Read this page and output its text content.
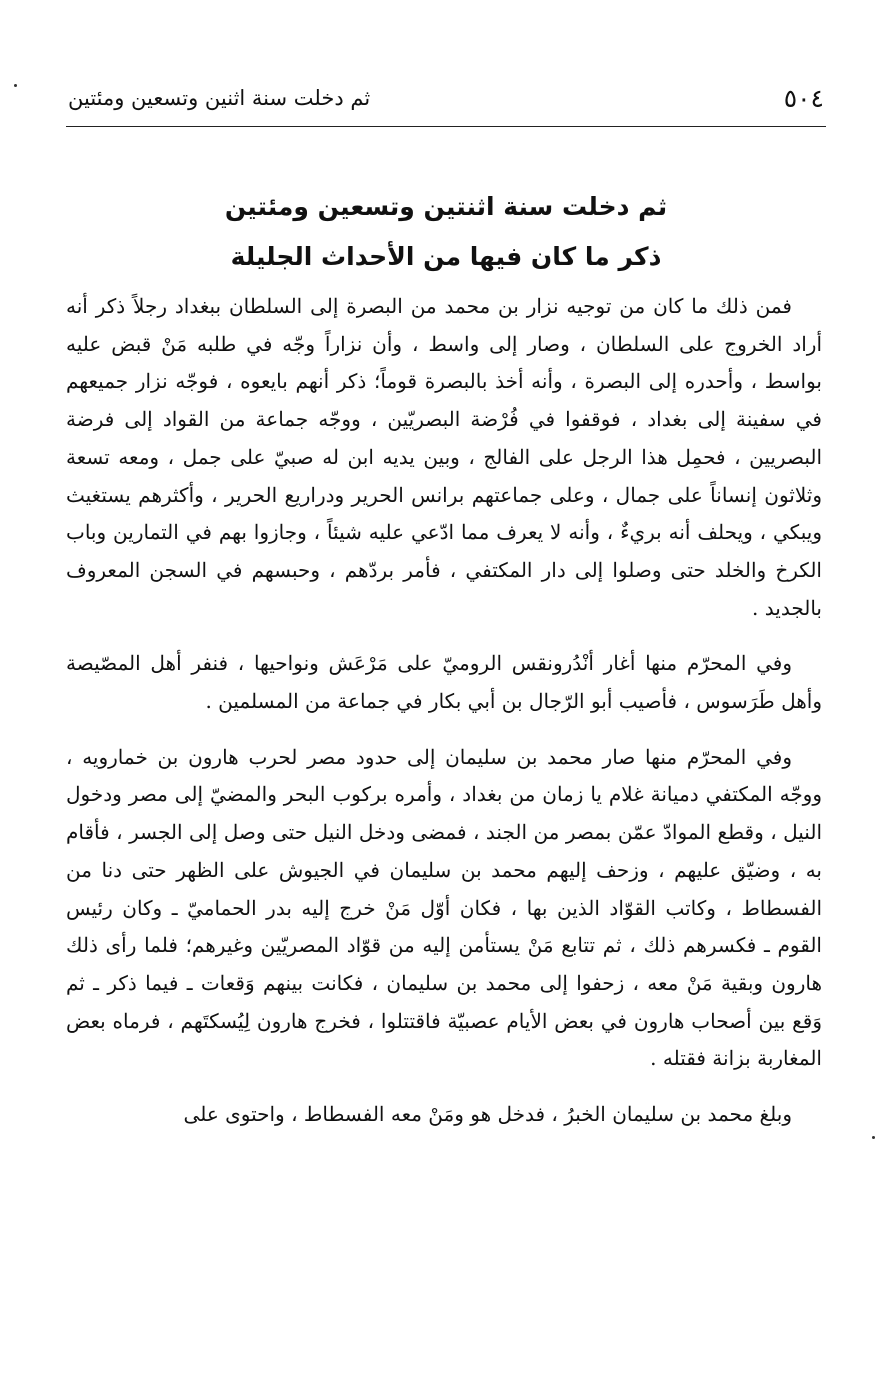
٥٠٤
ثم دخلت سنة اثنين وتسعين ومئتين
ثم دخلت سنة اثنتين وتسعين ومئتين
ذكر ما كان فيها من الأحداث الجليلة

فمن ذلك ما كان من توجيه نزار بن محمد من البصرة إلى السلطان ببغداد رجلاً ذكر أنه أراد الخروج على السلطان ، وصار إلى واسط ، وأن نزاراً وجّه في طلبه مَنْ قبض عليه بواسط ، وأحدره إلى البصرة ، وأنه أخذ بالبصرة قوماً؛ ذكر أنهم بايعوه ، فوجّه نزار جميعهم في سفينة إلى بغداد ، فوقفوا في فُرْضة البصريّين ، ووجّه جماعة من القواد إلى فرضة البصريين ، فحمِل هذا الرجل على الفالج ، وبين يديه ابن له صبيّ على جمل ، ومعه تسعة وثلاثون إنساناً على جمال ، وعلى جماعتهم برانس الحرير ودراريع الحرير ، وأكثرهم يستغيث ويبكي ، ويحلف أنه بريءٌ ، وأنه لا يعرف مما ادّعي عليه شيئاً ، وجازوا بهم في التمارين وباب الكرخ والخلد حتى وصلوا إلى دار المكتفي ، فأمر بردّهم ، وحبسهم في السجن المعروف بالجديد .

وفي المحرّم منها أغار أنْدُرونقس الروميّ على مَرْعَش ونواحيها ، فنفر أهل المصّيصة وأهل طَرَسوس ، فأصيب أبو الرّجال بن أبي بكار في جماعة من المسلمين .

وفي المحرّم منها صار محمد بن سليمان إلى حدود مصر لحرب هارون بن خمارويه ، ووجّه المكتفي دميانة غلام يا زمان من بغداد ، وأمره بركوب البحر والمضيّ إلى مصر ودخول النيل ، وقطع الموادّ عمّن بمصر من الجند ، فمضى ودخل النيل حتى وصل إلى الجسر ، فأقام به ، وضيّق عليهم ، وزحف إليهم محمد بن سليمان في الجيوش على الظهر حتى دنا من الفسطاط ، وكاتب القوّاد الذين بها ، فكان أوّل مَنْ خرج إليه بدر الحماميّ ـ وكان رئيس القوم ـ فكسرهم ذلك ، ثم تتابع مَنْ يستأمن إليه من قوّاد المصريّين وغيرهم؛ فلما رأى ذلك هارون وبقية مَنْ معه ، زحفوا إلى محمد بن سليمان ، فكانت بينهم وَقعات ـ فيما ذكر ـ ثم وَقع بين أصحاب هارون في بعض الأيام عصبيّة فاقتتلوا ، فخرج هارون لِيُسكتَهم ، فرماه بعض المغاربة بزانة فقتله .

وبلغ محمد بن سليمان الخبرُ ، فدخل هو ومَنْ معه الفسطاط ، واحتوى على
